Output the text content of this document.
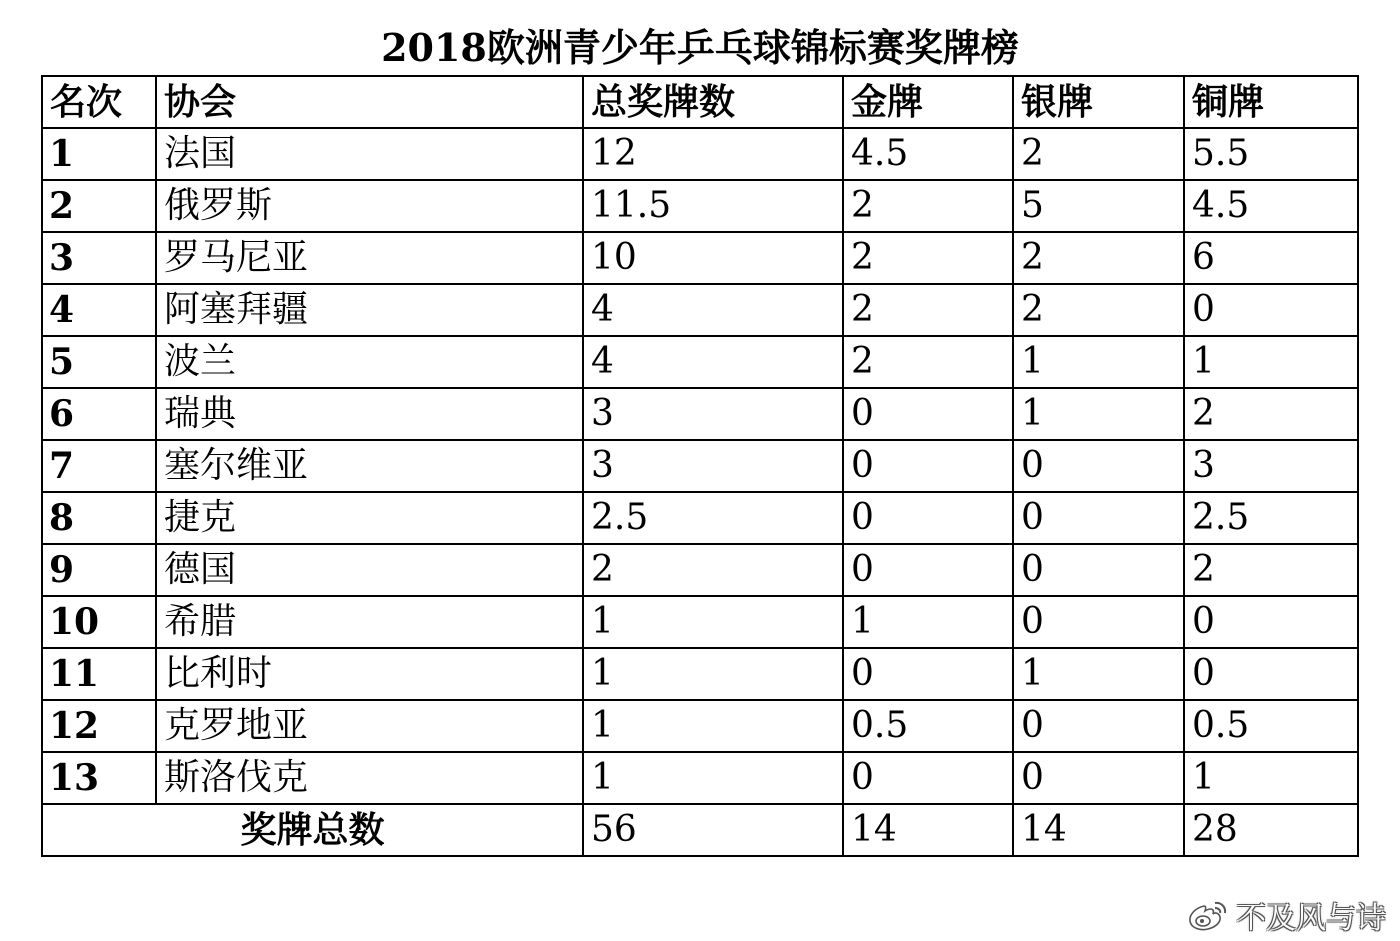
2018欧洲青少年乒乓球锦标赛奖牌榜
名次	协会	总奖牌数	金牌	银牌	铜牌
1	法国	12	4.5	2	5.5
2	俄罗斯	11.5	2	5	4.5
3	罗马尼亚	10	2	2	6
4	阿塞拜疆	4	2	2	0
5	波兰	4	2	1	1
6	瑞典	3	0	1	2
7	塞尔维亚	3	0	0	3
8	捷克	2.5	0	0	2.5
9	德国	2	0	0	2
10	希腊	1	1	0	0
11	比利时	1	0	1	0
12	克罗地亚	1	0.5	0	0.5
13	斯洛伐克	1	0	0	1
奖牌总数		56	14	14	28
不及风与诗
